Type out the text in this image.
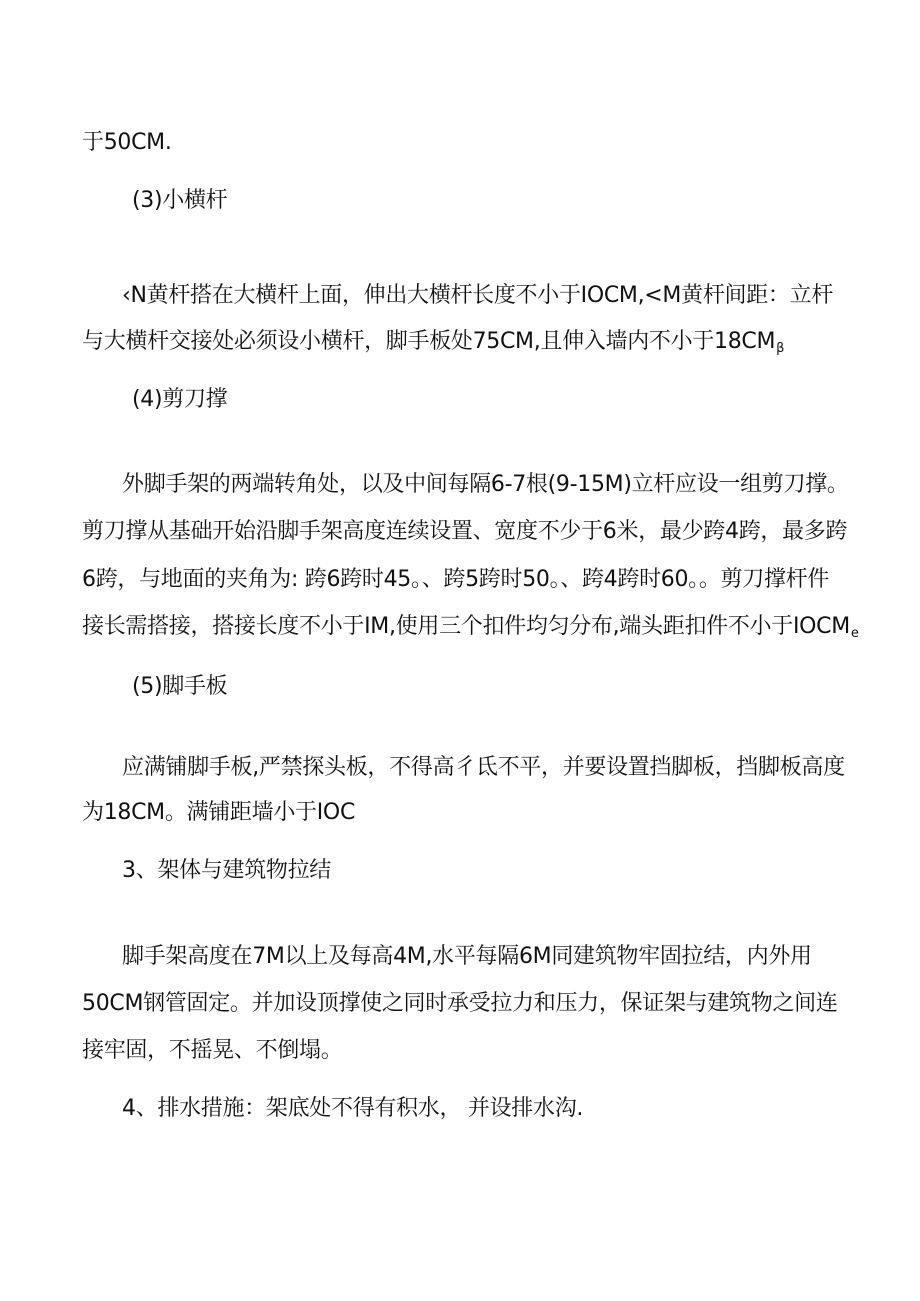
于50CM.
(3)小横杆
‹N黄杆搭在大横杆上面，伸出大横杆长度不小于IOCM,<M黄杆间距：立杆
与大横杆交接处必须设小横杆，脚手板处75CM,且伸入墙内不小于$18CM_\beta$
(4)剪刀撑
外脚手架的两端转角处，以及中间每隔6-7根(9-15M)立杆应设一组剪刀撑。
剪刀撑从基础开始沿脚手架高度连续设置、宽度不少于6米，最少跨4跨，最多跨
6跨，与地面的夹角为: 跨6跨时45。、跨5跨时50。、跨4跨时60。。剪刀撑杆件
接长需搭接，搭接长度不小于IM,使用三个扣件均匀分布,端头距扣件不小于$IOCM_e$
(5)脚手板
应满铺脚手板,严禁探头板，不得高彳氐不平，并要设置挡脚板，挡脚板高度
为18CM。满铺距墙小于IOC
3、架体与建筑物拉结
脚手架高度在7M以上及每高4M,水平每隔6M同建筑物牢固拉结，内外用
50CM钢管固定。并加设顶撑使之同时承受拉力和压力，保证架与建筑物之间连
接牢固，不摇晃、不倒塌。
4、排水措施：架底处不得有积水， 并设排水沟.
